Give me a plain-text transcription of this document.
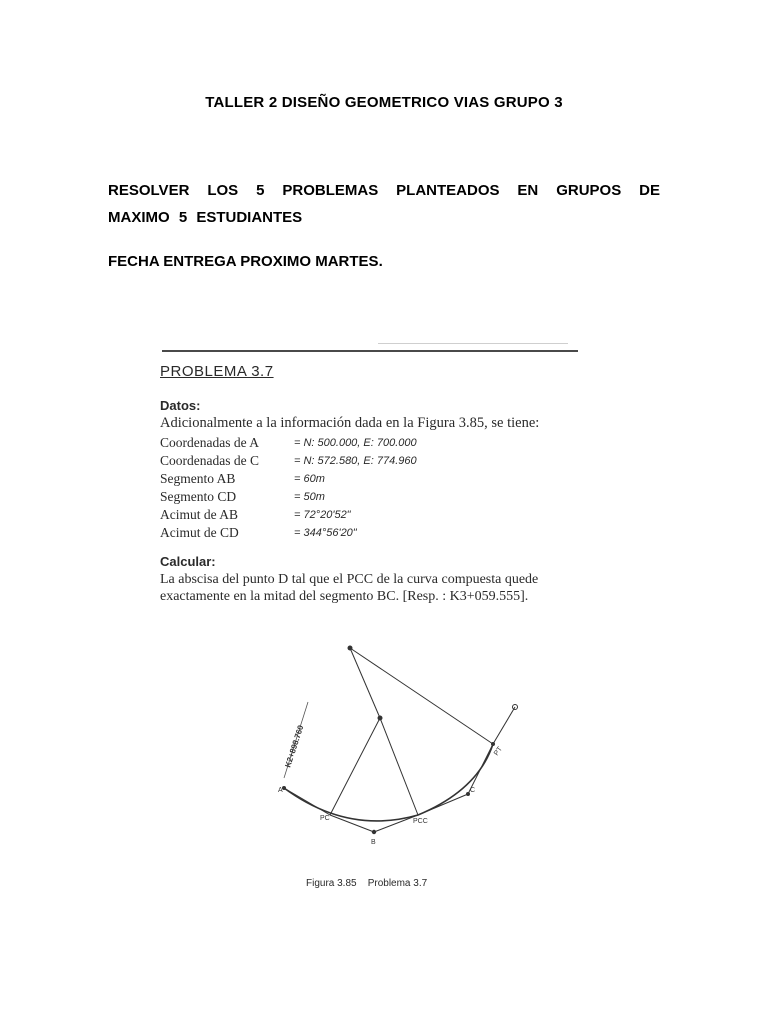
TALLER 2 DISEÑO GEOMETRICO VIAS GRUPO 3
RESOLVER LOS 5 PROBLEMAS PLANTEADOS EN GRUPOS DE MAXIMO 5 ESTUDIANTES
FECHA ENTREGA PROXIMO MARTES.
PROBLEMA 3.7
Datos:
Adicionalmente a la información dada en la Figura 3.85, se tiene:
Coordenadas de A	= N: 500.000, E: 700.000
Coordenadas de C	= N: 572.580, E: 774.960
Segmento AB	= 60m
Segmento CD	= 50m
Acimut de AB	= 72°20'52"
Acimut de CD	= 344°56'20"
Calcular:
La abscisa del punto D tal que el PCC de la curva compuesta quede exactamente en la mitad del segmento BC. [Resp. : K3+059.555].
K2+898.760
A
PC
B
PCC
C
PT
Figura 3.85    Problema 3.7
